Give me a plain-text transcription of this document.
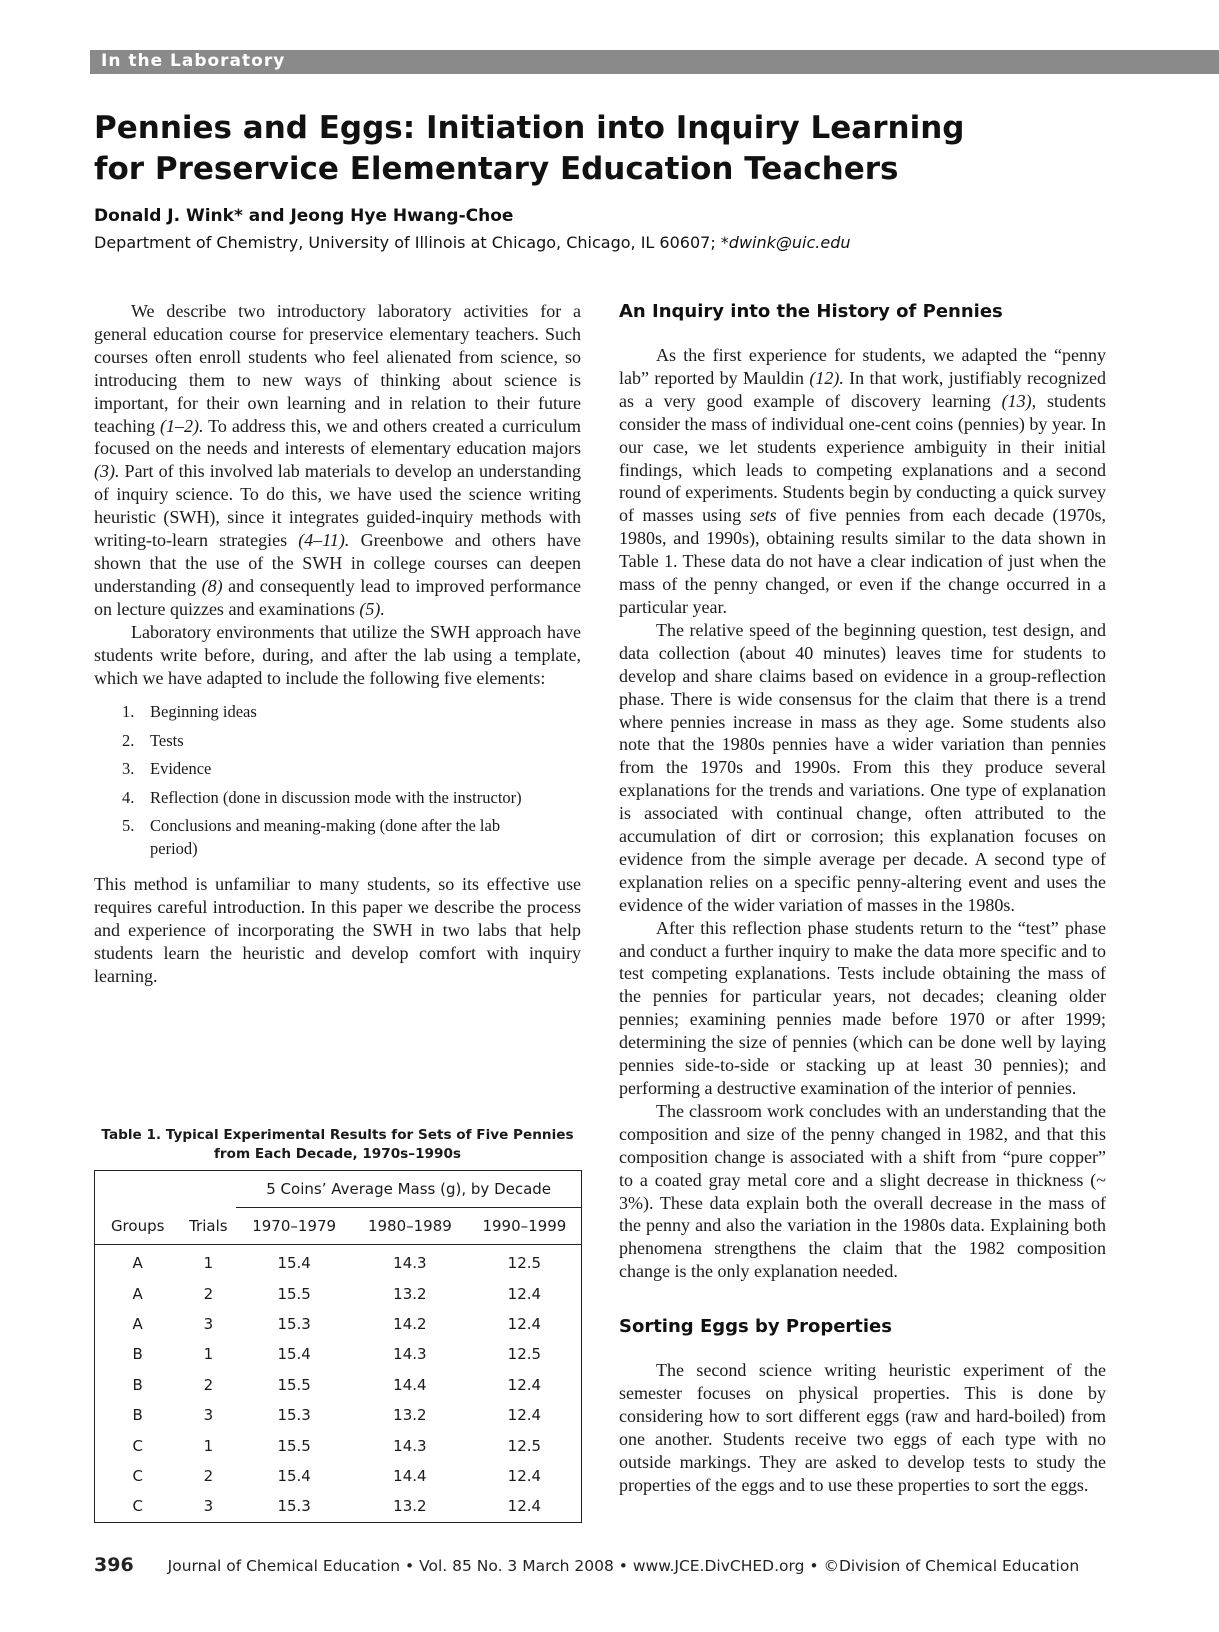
In the Laboratory
Pennies and Eggs: Initiation into Inquiry Learning
for Preservice Elementary Education Teachers
Donald J. Wink* and Jeong Hye Hwang-Choe
Department of Chemistry, University of Illinois at Chicago, Chicago, IL 60607; *dwink@uic.edu

We describe two introductory laboratory activities for a general education course for preservice elementary teachers. Such courses often enroll students who feel alienated from science, so introducing them to new ways of thinking about science is important, for their own learning and in relation to their future teaching (1–2). To address this, we and others created a curriculum focused on the needs and interests of elementary education majors (3). Part of this involved lab materials to develop an understanding of inquiry science. To do this, we have used the science writing heuristic (SWH), since it integrates guided-inquiry methods with writing-to-learn strategies (4–11). Greenbowe and others have shown that the use of the SWH in college courses can deepen understanding (8) and consequently lead to improved performance on lecture quizzes and examinations (5).

Laboratory environments that utilize the SWH approach have students write before, during, and after the lab using a template, which we have adapted to include the following five elements:

1. Beginning ideas
2. Tests
3. Evidence
4. Reflection (done in discussion mode with the instructor)
5. Conclusions and meaning-making (done after the lab period)

This method is unfamiliar to many students, so its effective use requires careful introduction. In this paper we describe the process and experience of incorporating the SWH in two labs that help students learn the heuristic and develop comfort with inquiry learning.

Table 1. Typical Experimental Results for Sets of Five Pennies
from Each Decade, 1970s–1990s
		5 Coins’ Average Mass (g), by Decade		
Groups	Trials	1970–1979	1980–1989	1990–1999
A	1	15.4	14.3	12.5
A	2	15.5	13.2	12.4
A	3	15.3	14.2	12.4
B	1	15.4	14.3	12.5
B	2	15.5	14.4	12.4
B	3	15.3	13.2	12.4
C	1	15.5	14.3	12.5
C	2	15.4	14.4	12.4
C	3	15.3	13.2	12.4
An Inquiry into the History of Pennies

As the first experience for students, we adapted the “penny lab” reported by Mauldin (12). In that work, justifiably recognized as a very good example of discovery learning (13), students consider the mass of individual one-cent coins (pennies) by year. In our case, we let students experience ambiguity in their initial findings, which leads to competing explanations and a second round of experiments. Students begin by conducting a quick survey of masses using sets of five pennies from each decade (1970s, 1980s, and 1990s), obtaining results similar to the data shown in Table 1. These data do not have a clear indication of just when the mass of the penny changed, or even if the change occurred in a particular year.

The relative speed of the beginning question, test design, and data collection (about 40 minutes) leaves time for students to develop and share claims based on evidence in a group-reflection phase. There is wide consensus for the claim that there is a trend where pennies increase in mass as they age. Some students also note that the 1980s pennies have a wider variation than pennies from the 1970s and 1990s. From this they produce several explanations for the trends and variations. One type of explanation is associated with continual change, often attributed to the accumulation of dirt or corrosion; this explanation focuses on evidence from the simple average per decade. A second type of explanation relies on a specific penny-altering event and uses the evidence of the wider variation of masses in the 1980s.

After this reflection phase students return to the “test” phase and conduct a further inquiry to make the data more specific and to test competing explanations. Tests include obtaining the mass of the pennies for particular years, not decades; cleaning older pennies; examining pennies made before 1970 or after 1999; determining the size of pennies (which can be done well by laying pennies side-to-side or stacking up at least 30 pennies); and performing a destructive examination of the interior of pennies.

The classroom work concludes with an understanding that the composition and size of the penny changed in 1982, and that this composition change is associated with a shift from “pure copper” to a coated gray metal core and a slight decrease in thickness (~ 3%). These data explain both the overall decrease in the mass of the penny and also the variation in the 1980s data. Explaining both phenomena strengthens the claim that the 1982 composition change is the only explanation needed.

Sorting Eggs by Properties

The second science writing heuristic experiment of the semester focuses on physical properties. This is done by considering how to sort different eggs (raw and hard-boiled) from one another. Students receive two eggs of each type with no outside markings. They are asked to develop tests to study the properties of the eggs and to use these properties to sort the eggs.

396 Journal of Chemical Education • Vol. 85 No. 3 March 2008 • www.JCE.DivCHED.org • ©Division of Chemical Education
